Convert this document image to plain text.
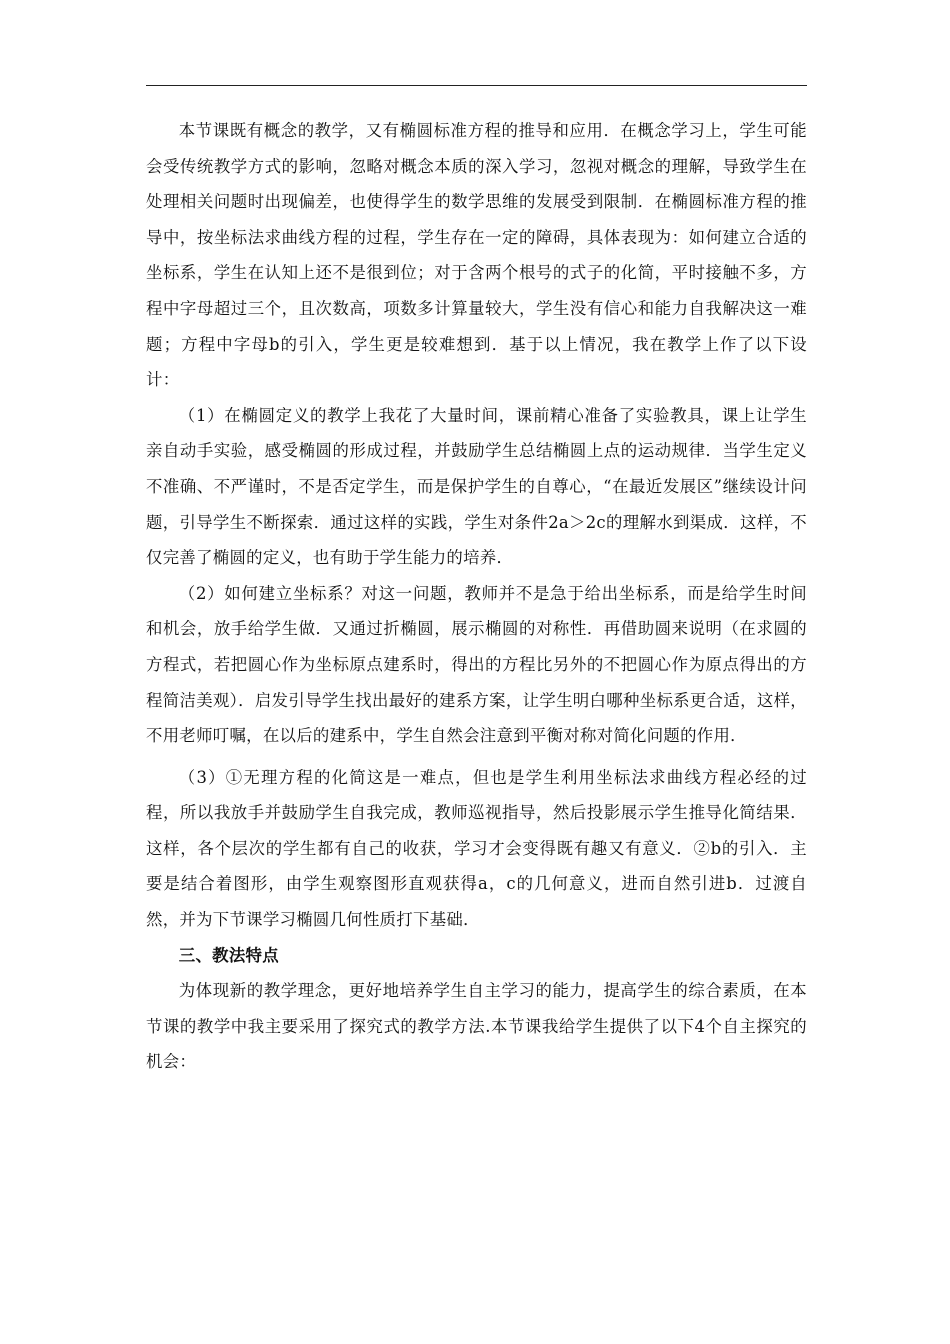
本节课既有概念的教学，又有椭圆标准方程的推导和应用．在概念学习上，学生可能会受传统教学方式的影响，忽略对概念本质的深入学习，忽视对概念的理解，导致学生在处理相关问题时出现偏差，也使得学生的数学思维的发展受到限制．在椭圆标准方程的推导中，按坐标法求曲线方程的过程，学生存在一定的障碍，具体表现为：如何建立合适的坐标系，学生在认知上还不是很到位；对于含两个根号的式子的化简，平时接触不多，方程中字母超过三个，且次数高，项数多计算量较大，学生没有信心和能力自我解决这一难题；方程中字母b的引入，学生更是较难想到．基于以上情况，我在教学上作了以下设计：

（1）在椭圆定义的教学上我花了大量时间，课前精心准备了实验教具，课上让学生亲自动手实验，感受椭圆的形成过程，并鼓励学生总结椭圆上点的运动规律．当学生定义不准确、不严谨时，不是否定学生，而是保护学生的自尊心，“在最近发展区”继续设计问题，引导学生不断探索．通过这样的实践，学生对条件2a＞2c的理解水到渠成．这样，不仅完善了椭圆的定义，也有助于学生能力的培养．

（2）如何建立坐标系？对这一问题，教师并不是急于给出坐标系，而是给学生时间和机会，放手给学生做．又通过折椭圆，展示椭圆的对称性．再借助圆来说明（在求圆的方程式，若把圆心作为坐标原点建系时，得出的方程比另外的不把圆心作为原点得出的方程简洁美观）．启发引导学生找出最好的建系方案，让学生明白哪种坐标系更合适，这样，不用老师叮嘱，在以后的建系中，学生自然会注意到平衡对称对简化问题的作用．

（3）①无理方程的化简这是一难点，但也是学生利用坐标法求曲线方程必经的过程，所以我放手并鼓励学生自我完成，教师巡视指导，然后投影展示学生推导化简结果．这样，各个层次的学生都有自己的收获，学习才会变得既有趣又有意义．②b的引入．主要是结合着图形，由学生观察图形直观获得a，c的几何意义，进而自然引进b．过渡自然，并为下节课学习椭圆几何性质打下基础．

三、教法特点

为体现新的教学理念，更好地培养学生自主学习的能力，提高学生的综合素质，在本节课的教学中我主要采用了探究式的教学方法.本节课我给学生提供了以下4个自主探究的机会：
